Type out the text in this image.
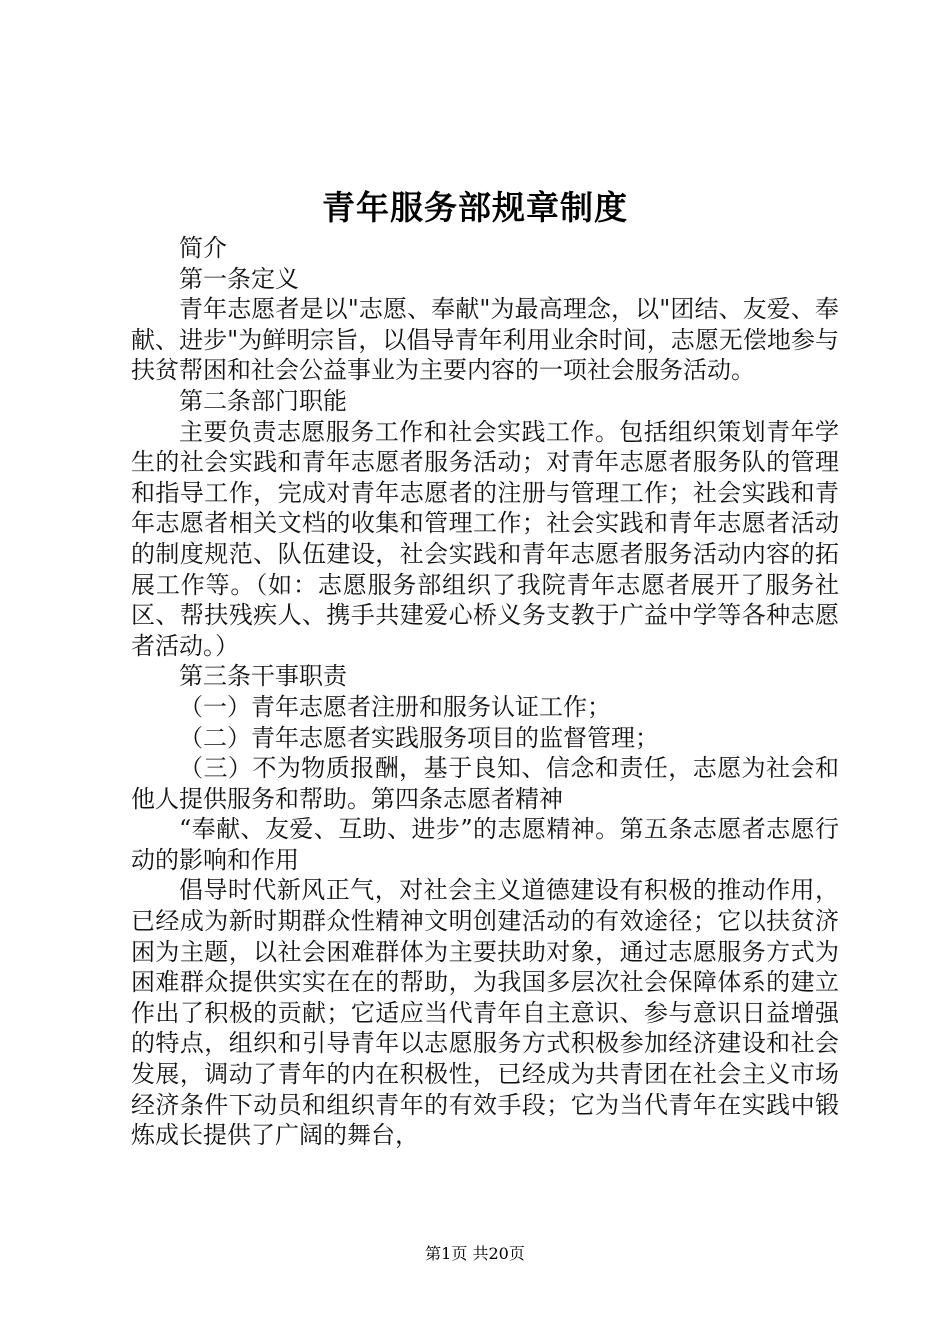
青年服务部规章制度

简介

第一条定义

青年志愿者是以"志愿、奉献"为最高理念，以"团结、友爱、奉献、进步"为鲜明宗旨，以倡导青年利用业余时间，志愿无偿地参与扶贫帮困和社会公益事业为主要内容的一项社会服务活动。

第二条部门职能

主要负责志愿服务工作和社会实践工作。包括组织策划青年学生的社会实践和青年志愿者服务活动；对青年志愿者服务队的管理和指导工作，完成对青年志愿者的注册与管理工作；社会实践和青年志愿者相关文档的收集和管理工作；社会实践和青年志愿者活动的制度规范、队伍建设，社会实践和青年志愿者服务活动内容的拓展工作等。（如：志愿服务部组织了我院青年志愿者展开了服务社区、帮扶残疾人、携手共建爱心桥义务支教于广益中学等各种志愿者活动。）

第三条干事职责

（一）青年志愿者注册和服务认证工作；

（二）青年志愿者实践服务项目的监督管理；

（三）不为物质报酬，基于良知、信念和责任，志愿为社会和他人提供服务和帮助。第四条志愿者精神

“奉献、友爱、互助、进步”的志愿精神。第五条志愿者志愿行动的影响和作用

倡导时代新风正气，对社会主义道德建设有积极的推动作用，已经成为新时期群众性精神文明创建活动的有效途径；它以扶贫济困为主题，以社会困难群体为主要扶助对象，通过志愿服务方式为困难群众提供实实在在的帮助，为我国多层次社会保障体系的建立作出了积极的贡献；它适应当代青年自主意识、参与意识日益增强的特点，组织和引导青年以志愿服务方式积极参加经济建设和社会发展，调动了青年的内在积极性，已经成为共青团在社会主义市场经济条件下动员和组织青年的有效手段；它为当代青年在实践中锻炼成长提供了广阔的舞台，

第1页 共20页
